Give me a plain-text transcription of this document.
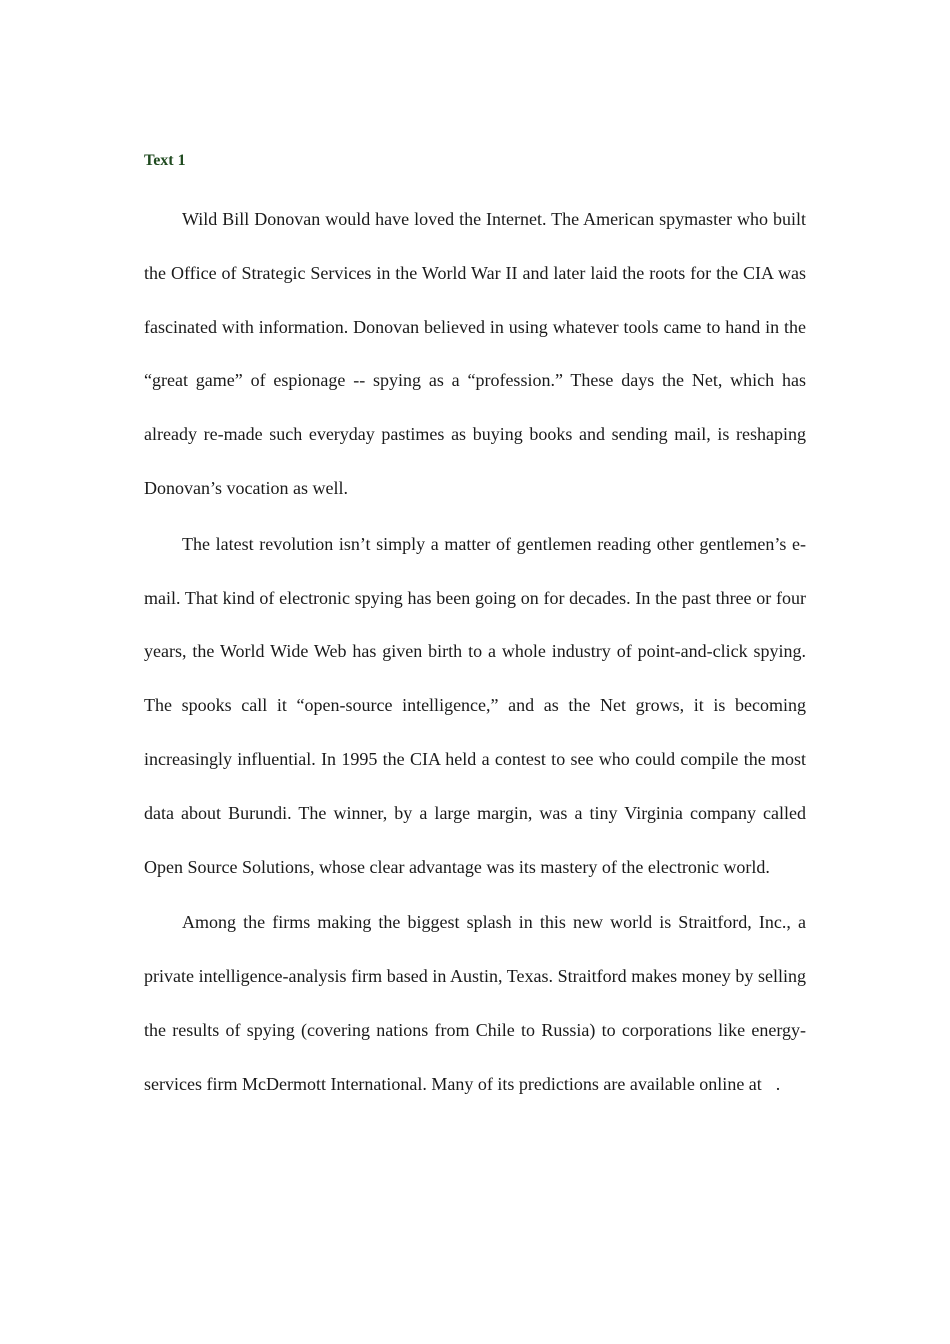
Text 1

Wild Bill Donovan would have loved the Internet. The American spymaster who built the Office of Strategic Services in the World War II and later laid the roots for the CIA was fascinated with information. Donovan believed in using whatever tools came to hand in the “great game” of espionage -- spying as a “profession.” These days the Net, which has already re-made such everyday pastimes as buying books and sending mail, is reshaping Donovan’s vocation as well.

The latest revolution isn’t simply a matter of gentlemen reading other gentlemen’s e-mail. That kind of electronic spying has been going on for decades. In the past three or four years, the World Wide Web has given birth to a whole industry of point-and-click spying. The spooks call it “open-source intelligence,” and as the Net grows, it is becoming increasingly influential. In 1995 the CIA held a contest to see who could compile the most data about Burundi. The winner, by a large margin, was a tiny Virginia company called Open Source Solutions, whose clear advantage was its mastery of the electronic world.

Among the firms making the biggest splash in this new world is Straitford, Inc., a private intelligence-analysis firm based in Austin, Texas. Straitford makes money by selling the results of spying (covering nations from Chile to Russia) to corporations like energy-services firm McDermott International. Many of its predictions are available online at .
